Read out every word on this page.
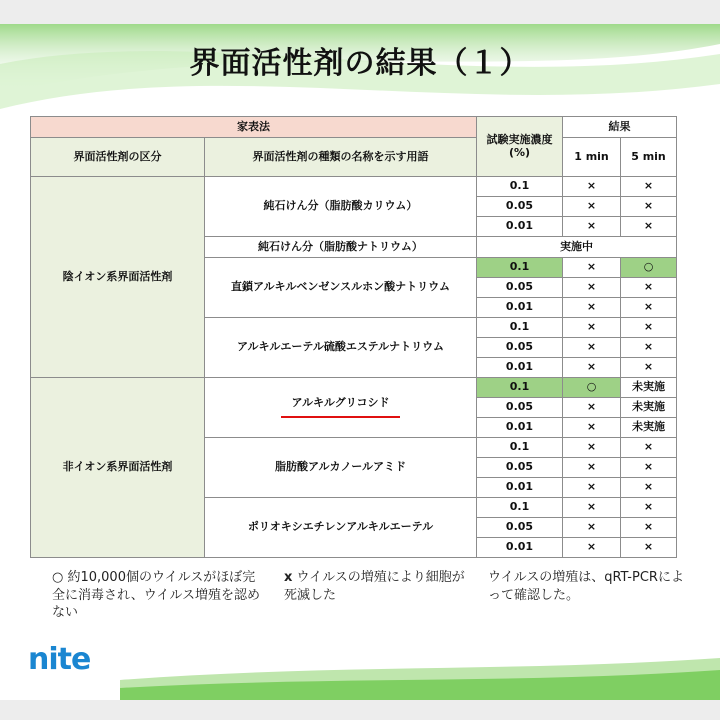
界面活性剤の結果（１）
家表法		試験実施濃度 (%)	結果	
界面活性剤の区分	界面活性剤の種類の名称を示す用語		1 min	5 min
陰イオン系界面活性剤	純石けん分（脂肪酸カリウム）	0.1	×	×
		0.05	×	×
		0.01	×	×
	純石けん分（脂肪酸ナトリウム）	実施中		
	直鎖アルキルベンゼンスルホン酸ナトリウム	0.1	×	○
		0.05	×	×
		0.01	×	×
	アルキルエーテル硫酸エステルナトリウム	0.1	×	×
		0.05	×	×
		0.01	×	×
非イオン系界面活性剤	アルキルグリコシド	0.1	○	未実施
		0.05	×	未実施
		0.01	×	未実施
	脂肪酸アルカノールアミド	0.1	×	×
		0.05	×	×
		0.01	×	×
	ポリオキシエチレンアルキルエーテル	0.1	×	×
		0.05	×	×
		0.01	×	×
○ 約10,000個のウイルスがほぼ完全に消毒され、ウイルス増殖を認めない
x ウイルスの増殖により細胞が死滅した
ウイルスの増殖は、qRT-PCRによって確認した。
nite
